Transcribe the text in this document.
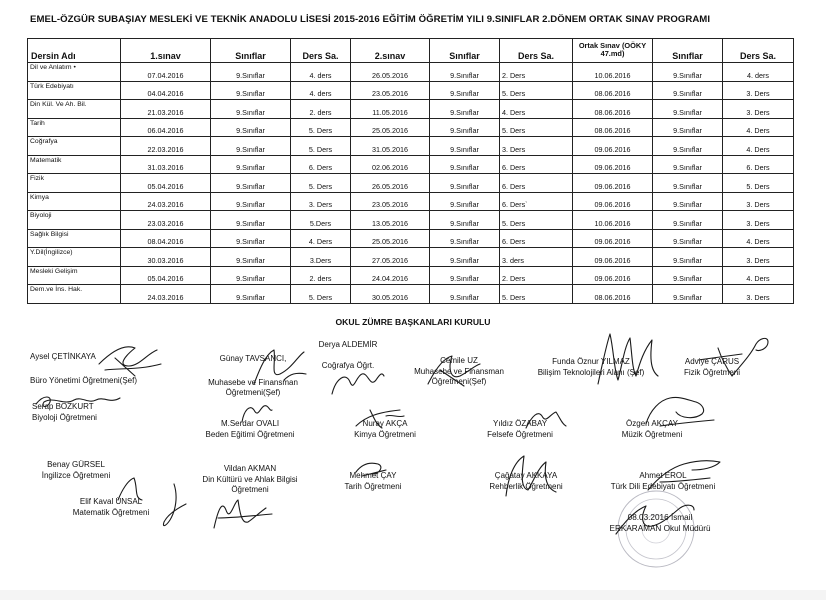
EMEL-ÖZGÜR SUBAŞIAY MESLEKİ VE TEKNİK ANADOLU LİSESİ 2015-2016 EĞİTİM ÖĞRETİM YILI 9.SINIFLAR 2.DÖNEM ORTAK SINAV PROGRAMI
Dersin Adı	1.sınav	Sınıflar	Ders Sa.	2.sınav	Sınıflar	Ders Sa.	Ortak Sınav (OÖKY 47.md)	Sınıflar	Ders Sa.
Dil ve Anlatım •	07.04.2016	9.Sınıflar	4. ders	26.05.2016	9.Sınıflar	2. Ders	10.06.2016	9.Sınıflar	4. ders
Türk Edebiyatı	04.04.2016	9.Sınıflar	4. ders	23.05.2016	9.Sınıflar	5. Ders	08.06.2016	9.Sınıflar	3. Ders
Din Kül. Ve Ah. Bil.	21.03.2016	9.Sınıflar	2. ders	11.05.2016	9.Sınıflar	4. Ders	08.06.2016	9.Sınıflar	3. Ders
Tarih	06.04.2016	9.Sınıflar	5. Ders	25.05.2016	9.Sınıflar	5. Ders	08.06.2016	9.Sınıflar	4. Ders
Coğrafya	22.03.2016	9.Sınıflar	5. Ders	31.05.2016	9.Sınıflar	3. Ders	09.06.2016	9.Sınıflar	4. Ders
Matematik	31.03.2016	9.Sınıflar	6. Ders	02.06.2016	9.Sınıflar	6. Ders	09.06.2016	9.Sınıflar	6. Ders
Fizik	05.04.2016	9.Sınıflar	5. Ders	26.05.2016	9.Sınıflar	6. Ders	09.06.2016	9.Sınıflar	5. Ders
Kimya	24.03.2016	9.Sınıflar	3. Ders	23.05.2016	9.Sınıflar	6. Ders`	09.06.2016	9.Sınıflar	3. Ders
Biyoloji	23.03.2016	9.Sınıflar	5.Ders	13.05.2016	9.Sınıflar	5. Ders	10.06.2016	9.Sınıflar	3. Ders
Sağlık Bilgisi	08.04.2016	9.Sınıflar	4. Ders	25.05.2016	9.Sınıflar	6. Ders	09.06.2016	9.Sınıflar	4. Ders
Y.Dil(İngilizce)	30.03.2016	9.Sınıflar	3.Ders	27.05.2016	9.Sınıflar	3. ders	09.06.2016	9.Sınıflar	3. Ders
Mesleki Gelişim	05.04.2016	9.Sınıflar	2. ders	24.04.2016	9.Sınıflar	2. Ders	09.06.2016	9.Sınıflar	4. Ders
Dem.ve İns. Hak.	24.03.2016	9.Sınıflar	5. Ders	30.05.2016	9.Sınıflar	5. Ders	08.06.2016	9.Sınıflar	3. Ders
OKUL ZÜMRE BAŞKANLARI KURULU
Aysel ÇETİNKAYA
Büro Yönetimi Öğretmeni(Şef)
Günay TAVSANCI,
Muhasebe ve Finansman Öğretmeni(Şef)
Derya ALDEMİR
Coğrafya Öğrt.	Cemile UZ
Muhasebe ve Finansman Öğretmeni(Şef)
Funda Öznur YILMAZ
Bilişim Teknolojileri Alanı (Şef)
Adviye ÇARUS
Fizik Öğretmeni
Serap BOZKURT
Biyoloji Öğretmeni
M.Serdar OVALI
Beden Eğitimi Öğretmeni
Nuray AKÇA
Kimya Öğretmeni
Yıldız ÖZABAY
Felsefe Öğretmeni
Özgen AKÇAY
Müzik Öğretmeni
Benay GÜRSEL
İngilizce Öğretmeni
Vildan AKMAN
Din Kültürü ve Ahlak Bilgisi Öğretmeni
Mehmet ÇAY
Tarih Öğretmeni
Çağatay AKKAYA
Rehberlik Öğretmeni
Ahmet EROL
Türk Dili Edebiyatı Öğretmeni
Elif Kaval ÜNSAL
Matematik Öğretmeni
08.03.2016 İsmail ERKARAMAN Okul Müdürü
